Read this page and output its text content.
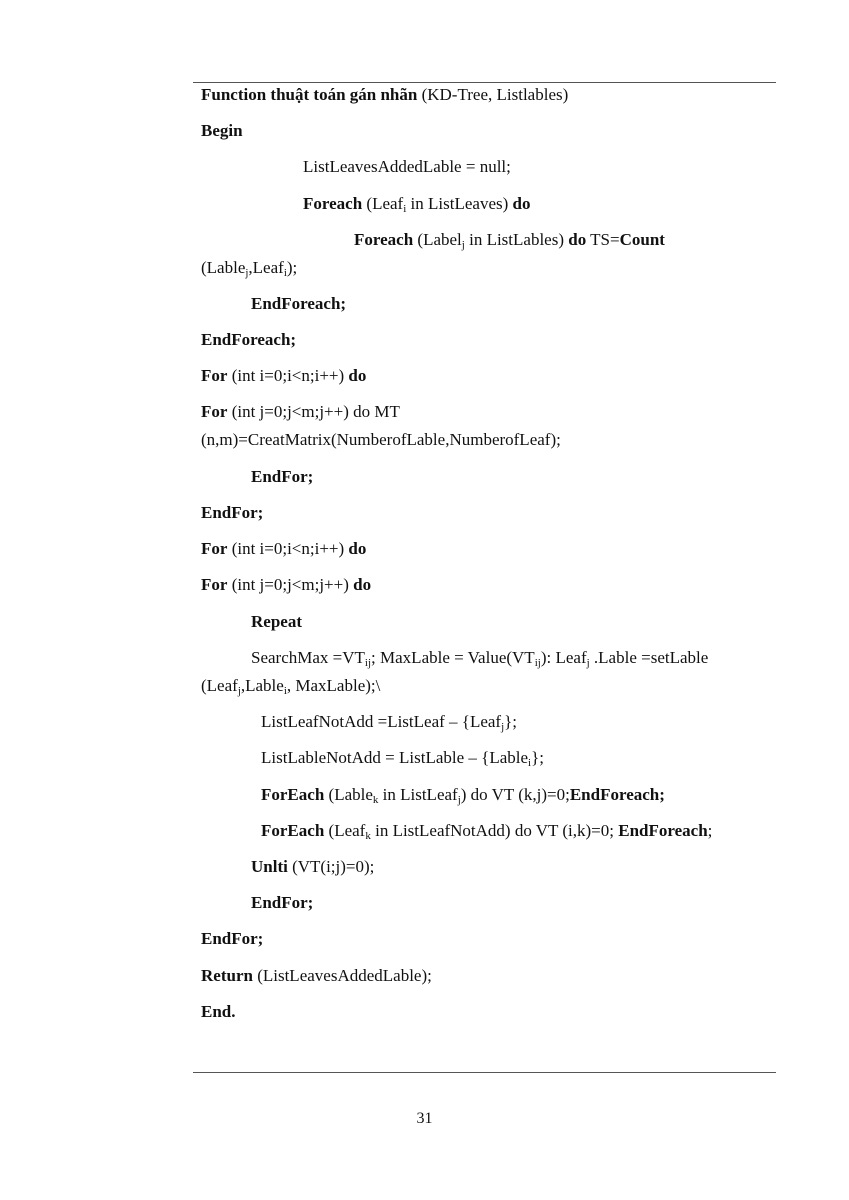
Function thuật toán gán nhãn (KD-Tree, Listlables)
Begin
ListLeavesAddedLable = null;
Foreach (Leaf$_i$ in ListLeaves) do
Foreach (Label$_j$ in ListLables) do TS=Count
(Lable$_j$,Leaf$_i$);
EndForeach;
EndForeach;
For (int i=0;i<n;i++) do
For (int j=0;j<m;j++) do MT
(n,m)=CreatMatrix(NumberofLable,NumberofLeaf);
EndFor;
EndFor;
For (int i=0;i<n;i++) do
For (int j=0;j<m;j++) do
Repeat
SearchMax $=VT_{ij}$; MaxLable = $Value(VT_{ij})$: Leaf$_j$ .Lable =setLable
(Leaf$_j$,Lable$_i$, MaxLable);\
ListLeafNotAdd =ListLeaf – {Leaf$_j$};
ListLableNotAdd = ListLable – {Lable$_i$};
ForEach (Lable$_k$ in ListLeaf$_j$) do VT (k,j)=0;EndForeach;
ForEach (Leaf$_k$ in ListLeafNotAdd) do VT (i,k)=0; EndForeach;
Unlti (VT(i;j)=0);
EndFor;
EndFor;
Return (ListLeavesAddedLable);
End.
31
